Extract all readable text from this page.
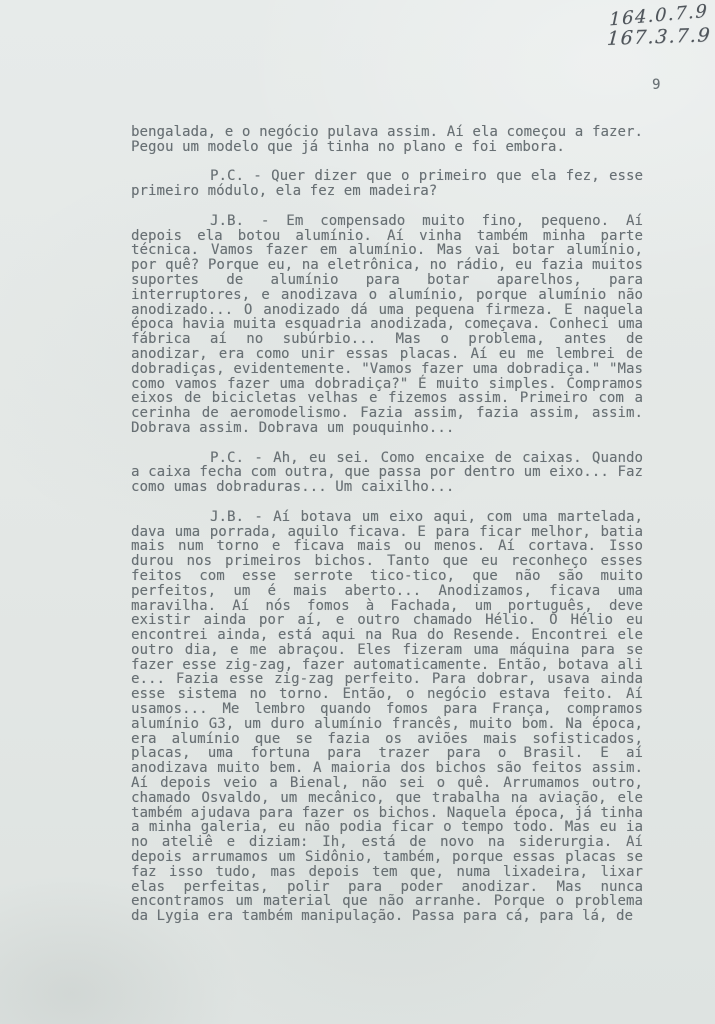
164.0.7.9
167.3.7.9
9
bengalada, e o negócio pulava assim. Aí ela começou a fazer.
Pegou um modelo que já tinha no plano e foi embora.
P.C. - Quer dizer que o primeiro que ela fez, esse
primeiro módulo, ela fez em madeira?
J.B. - Em compensado muito fino, pequeno. Aí
depois ela botou alumínio. Aí vinha também minha parte
técnica. Vamos fazer em alumínio. Mas vai botar alumínio,
por quê? Porque eu, na eletrônica, no rádio, eu fazia muitos
suportes de alumínio para botar aparelhos, para
interruptores, e anodizava o alumínio, porque alumínio não
anodizado... O anodizado dá uma pequena firmeza. E naquela
época havia muita esquadria anodizada, começava. Conheci uma
fábrica aí no subúrbio... Mas o problema, antes de
anodizar, era como unir essas placas. Aí eu me lembrei de
dobradiças, evidentemente. "Vamos fazer uma dobradiça." "Mas
como vamos fazer uma dobradiça?" É muito simples. Compramos
eixos de bicicletas velhas e fizemos assim. Primeiro com a
cerinha de aeromodelismo. Fazia assim, fazia assim, assim.
Dobrava assim. Dobrava um pouquinho...
P.C. - Ah, eu sei. Como encaixe de caixas. Quando
a caixa fecha com outra, que passa por dentro um eixo... Faz
como umas dobraduras... Um caixilho...
J.B. - Aí botava um eixo aqui, com uma martelada,
dava uma porrada, aquilo ficava. E para ficar melhor, batia
mais num torno e ficava mais ou menos. Aí cortava. Isso
durou nos primeiros bichos. Tanto que eu reconheço esses
feitos com esse serrote tico-tico, que não são muito
perfeitos, um é mais aberto... Anodizamos, ficava uma
maravilha. Aí nós fomos à Fachada, um português, deve
existir ainda por aí, e outro chamado Hélio. O Hélio eu
encontrei ainda, está aqui na Rua do Resende. Encontrei ele
outro dia, e me abraçou. Eles fizeram uma máquina para se
fazer esse zig-zag, fazer automaticamente. Então, botava ali
e... Fazia esse zig-zag perfeito. Para dobrar, usava ainda
esse sistema no torno. Então, o negócio estava feito. Aí
usamos... Me lembro quando fomos para França, compramos
alumínio G3, um duro alumínio francês, muito bom. Na época,
era alumínio que se fazia os aviões mais sofisticados,
placas, uma fortuna para trazer para o Brasil. E aí
anodizava muito bem. A maioria dos bichos são feitos assim.
Aí depois veio a Bienal, não sei o quê. Arrumamos outro,
chamado Osvaldo, um mecânico, que trabalha na aviação, ele
também ajudava para fazer os bichos. Naquela época, já tinha
a minha galeria, eu não podia ficar o tempo todo. Mas eu ia
no ateliê e diziam: Ih, está de novo na siderurgia. Aí
depois arrumamos um Sidônio, também, porque essas placas se
faz isso tudo, mas depois tem que, numa lixadeira, lixar
elas perfeitas, polir para poder anodizar. Mas nunca
encontramos um material que não arranhe. Porque o problema
da Lygia era também manipulação. Passa para cá, para lá, de
